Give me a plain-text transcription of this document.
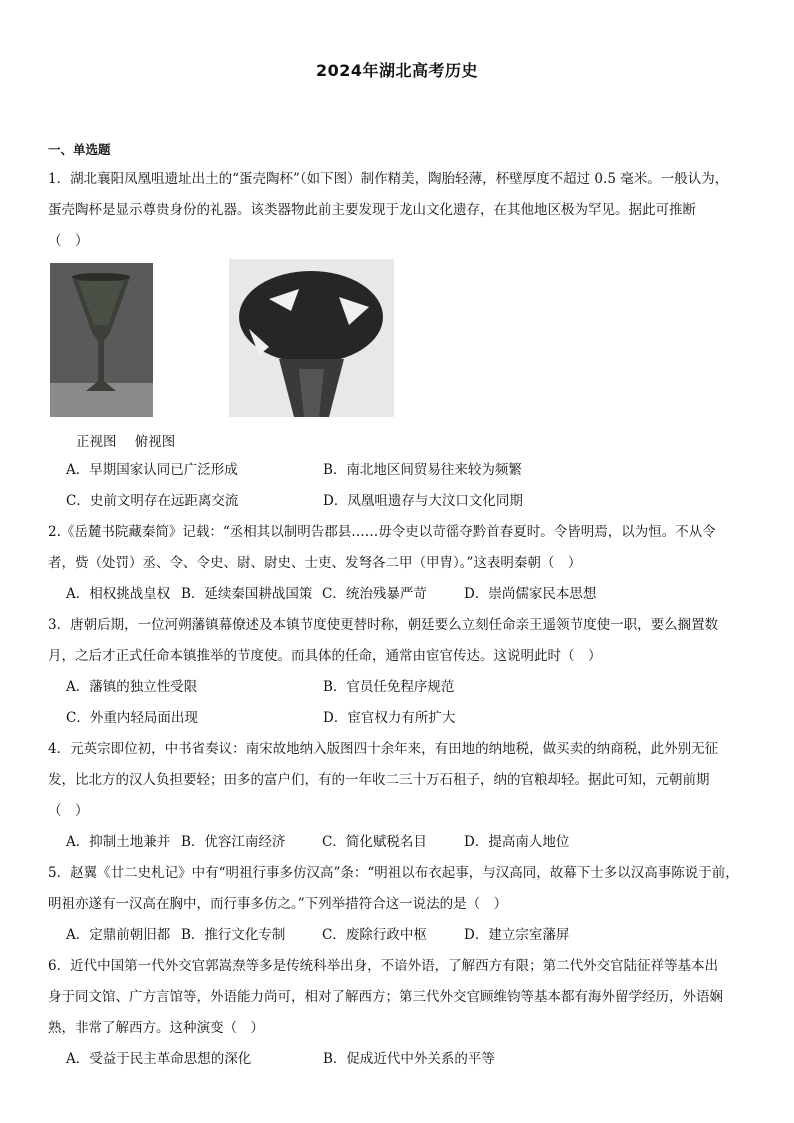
2024年湖北高考历史
一、单选题
1．湖北襄阳凤凰咀遗址出土的“蛋壳陶杯”（如下图）制作精美，陶胎轻薄，杯壁厚度不超过 0.5 毫米。一般认为，
蛋壳陶杯是显示尊贵身份的礼器。该类器物此前主要发现于龙山文化遗存，在其他地区极为罕见。据此可推断
（　）
正视图 俯视图
A．早期国家认同已广泛形成	B．南北地区间贸易往来较为频繁
C．史前文明存在远距离交流	D．凤凰咀遗存与大汶口文化同期
2.《岳麓书院藏秦简》记载：“丞相其以制明告郡县……毋令吏以苛徭夺黔首春夏时。令皆明焉，以为恒。不从令
者，赀（处罚）丞、令、令史、尉、尉史、士吏、发弩各二甲（甲胄）。”这表明秦朝（　）
A．相权挑战皇权 B．延续秦国耕战国策 C．统治残暴严苛	D．崇尚儒家民本思想
3．唐朝后期，一位河朔藩镇幕僚述及本镇节度使更替时称，朝廷要么立刻任命亲王遥领节度使一职，要么搁置数
月，之后才正式任命本镇推举的节度使。而具体的任命，通常由宦官传达。这说明此时（　）
A．藩镇的独立性受限	B．官员任免程序规范
C．外重内轻局面出现	D．宦官权力有所扩大
4．元英宗即位初，中书省奏议：南宋故地纳入版图四十余年来，有田地的纳地税，做买卖的纳商税，此外别无征
发，比北方的汉人负担要轻；田多的富户们，有的一年收二三十万石租子，纳的官粮却轻。据此可知，元朝前期
（　）
A．抑制土地兼并 B．优容江南经济	C．简化赋税名目	D．提高南人地位
5．赵翼《廿二史札记》中有“明祖行事多仿汉高”条：“明祖以布衣起事，与汉高同，故幕下士多以汉高事陈说于前，
明祖亦遂有一汉高在胸中，而行事多仿之。”下列举措符合这一说法的是（　）
A．定鼎前朝旧都 B．推行文化专制	C．废除行政中枢	D．建立宗室藩屏
6．近代中国第一代外交官郭嵩焘等多是传统科举出身，不谙外语，了解西方有限；第二代外交官陆征祥等基本出
身于同文馆、广方言馆等，外语能力尚可，相对了解西方；第三代外交官顾维钧等基本都有海外留学经历，外语娴
熟，非常了解西方。这种演变（　）
A．受益于民主革命思想的深化	B．促成近代中外关系的平等
